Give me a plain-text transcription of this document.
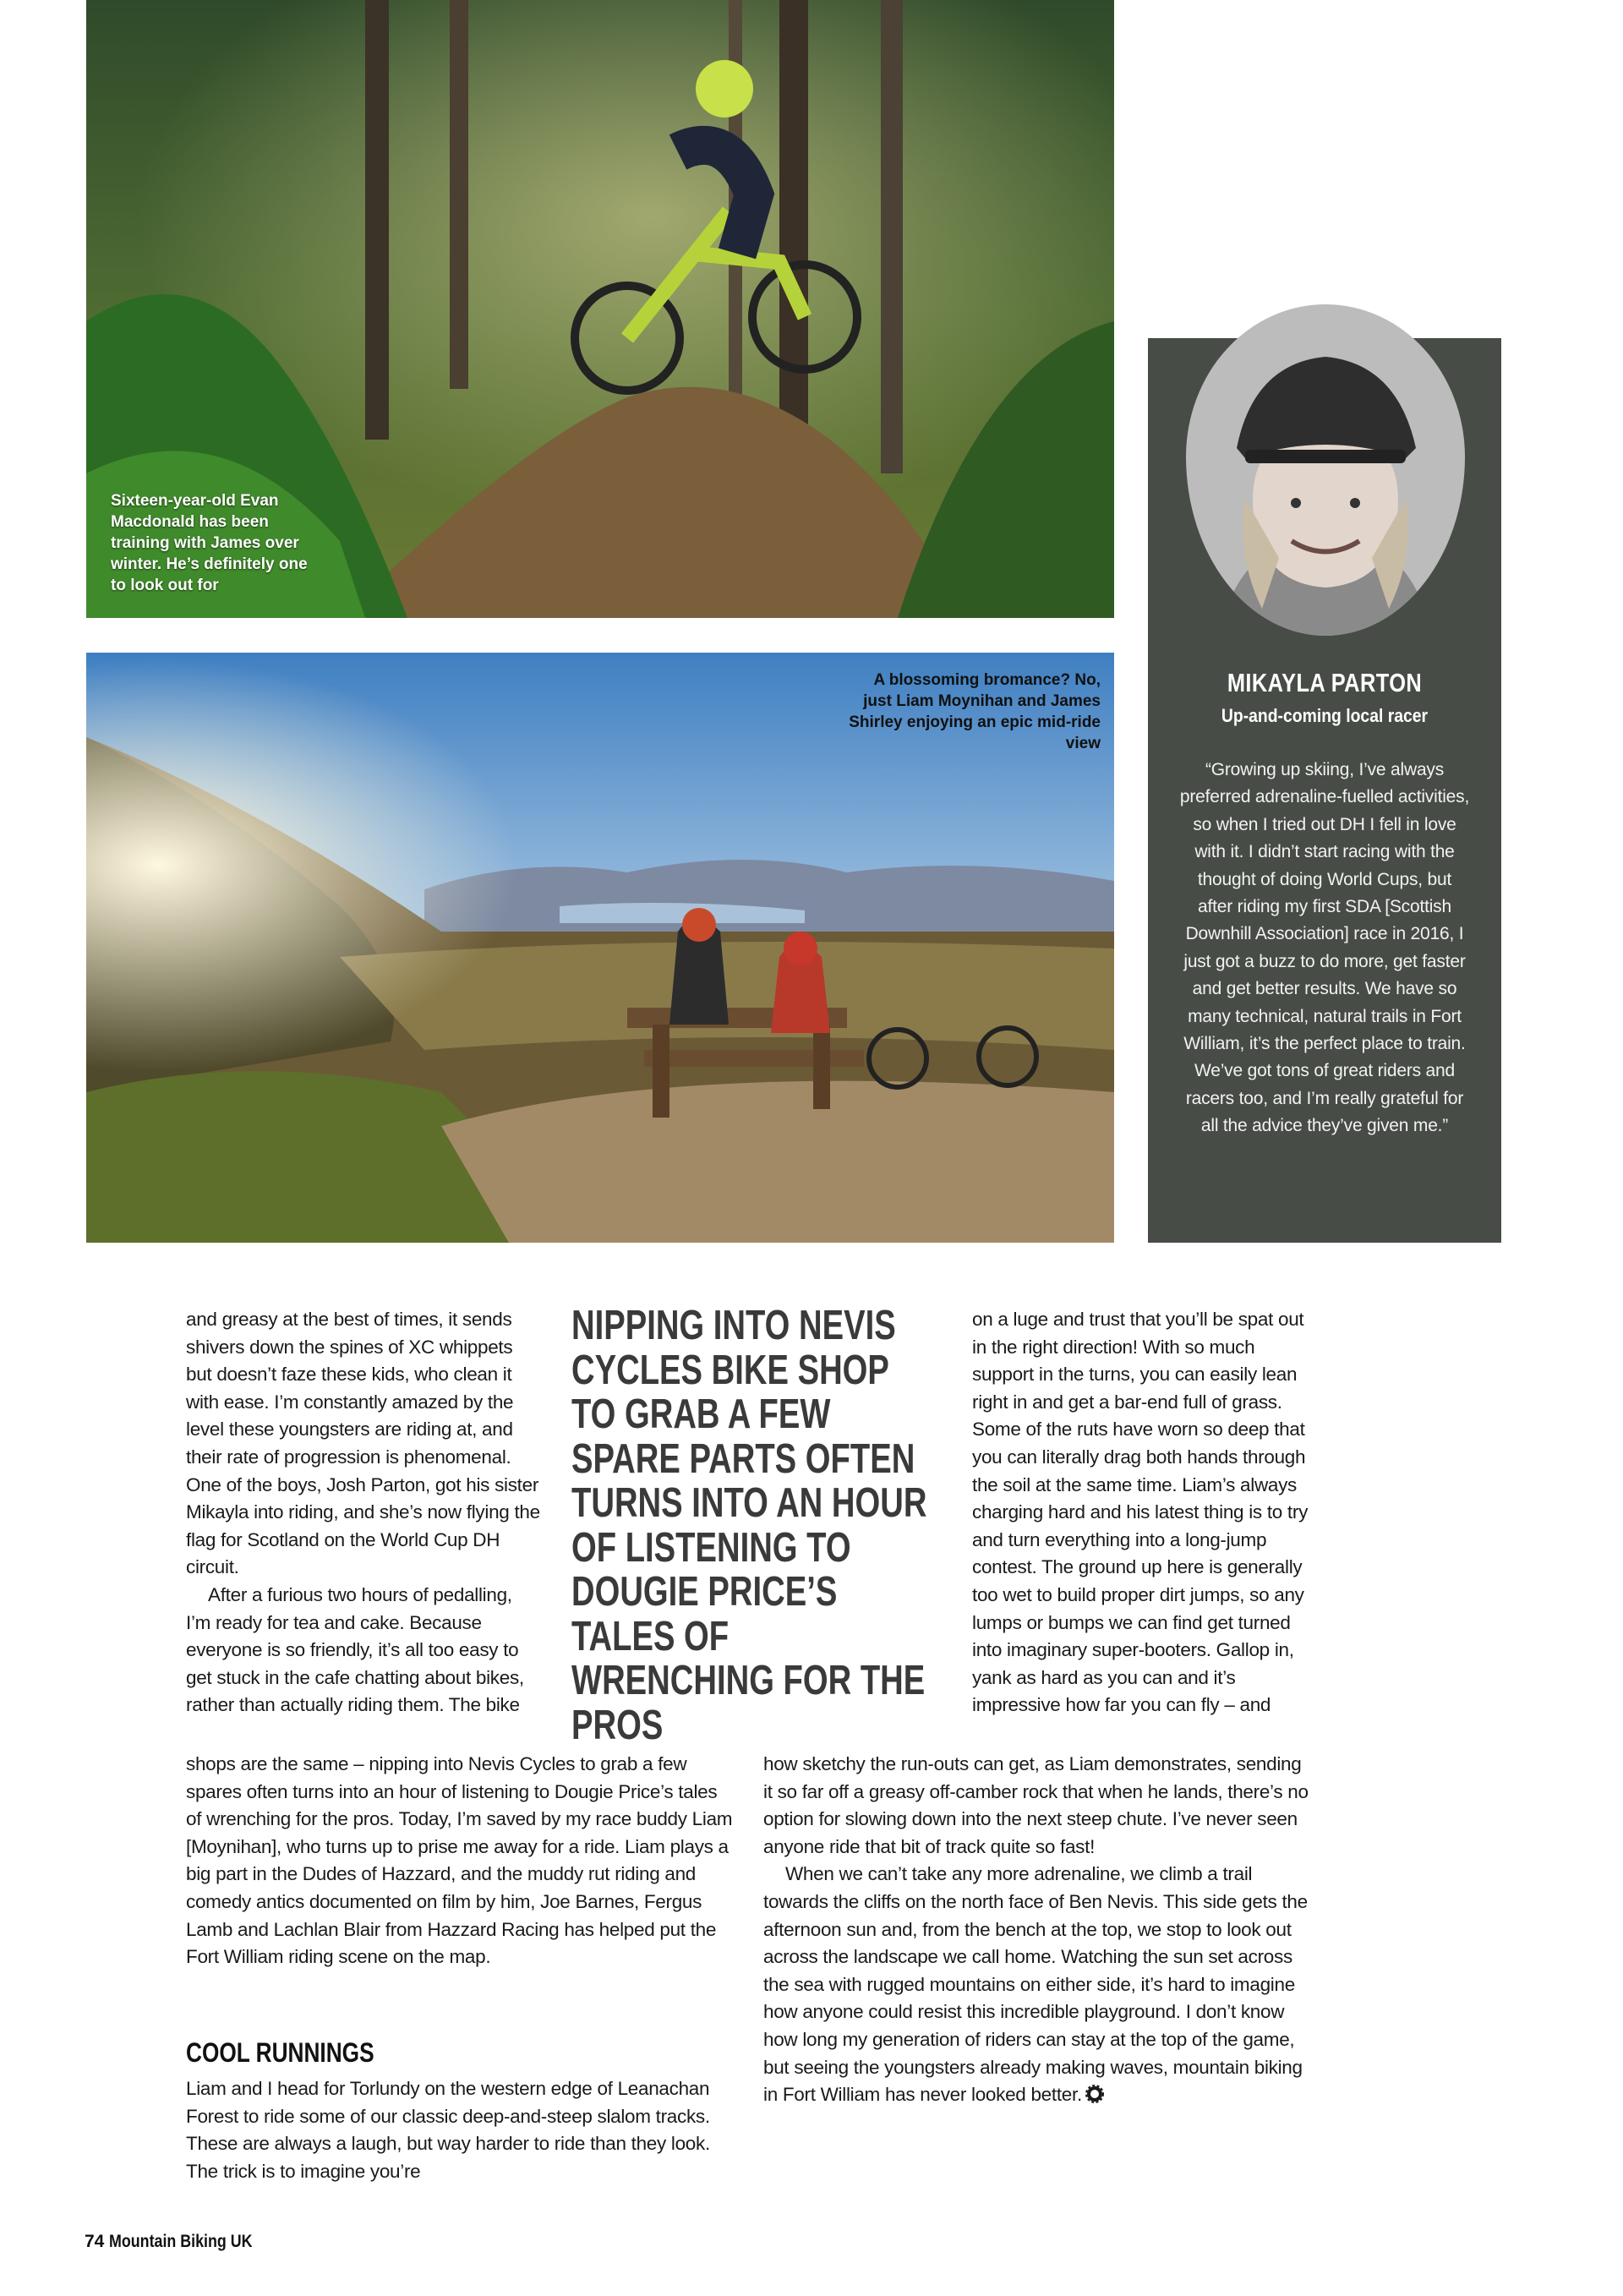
Sixteen-year-old Evan Macdonald has been training with James over winter. He’s definitely one to look out for
A blossoming bromance? No, just Liam Moynihan and James Shirley enjoying an epic mid-ride view
MIKAYLA PARTON
Up-and-coming local racer
“Growing up skiing, I’ve always preferred adrenaline-fuelled activities, so when I tried out DH I fell in love with it. I didn’t start racing with the thought of doing World Cups, but after riding my first SDA [Scottish Downhill Association] race in 2016, I just got a buzz to do more, get faster and get better results. We have so many technical, natural trails in Fort William, it’s the perfect place to train. We’ve got tons of great riders and racers too, and I’m really grateful for all the advice they’ve given me.”

and greasy at the best of times, it sends shivers down the spines of XC whippets but doesn’t faze these kids, who clean it with ease. I’m constantly amazed by the level these youngsters are riding at, and their rate of progression is phenomenal. One of the boys, Josh Parton, got his sister Mikayla into riding, and she’s now flying the flag for Scotland on the World Cup DH circuit.

After a furious two hours of pedalling, I’m ready for tea and cake. Because everyone is so friendly, it’s all too easy to get stuck in the cafe chatting about bikes, rather than actually riding them. The bike

NIPPING INTO NEVIS CYCLES BIKE SHOP TO GRAB A FEW SPARE PARTS OFTEN TURNS INTO AN HOUR OF LISTENING TO DOUGIE PRICE’S TALES OF WRENCHING FOR THE PROS

on a luge and trust that you’ll be spat out in the right direction! With so much support in the turns, you can easily lean right in and get a bar-end full of grass. Some of the ruts have worn so deep that you can literally drag both hands through the soil at the same time. Liam’s always charging hard and his latest thing is to try and turn everything into a long-jump contest. The ground up here is generally too wet to build proper dirt jumps, so any lumps or bumps we can find get turned into imaginary super-booters. Gallop in, yank as hard as you can and it’s impressive how far you can fly – and

shops are the same – nipping into Nevis Cycles to grab a few spares often turns into an hour of listening to Dougie Price’s tales of wrenching for the pros. Today, I’m saved by my race buddy Liam [Moynihan], who turns up to prise me away for a ride. Liam plays a big part in the Dudes of Hazzard, and the muddy rut riding and comedy antics documented on film by him, Joe Barnes, Fergus Lamb and Lachlan Blair from Hazzard Racing has helped put the Fort William riding scene on the map.

COOL RUNNINGS

Liam and I head for Torlundy on the western edge of Leanachan Forest to ride some of our classic deep-and-steep slalom tracks. These are always a laugh, but way harder to ride than they look. The trick is to imagine you’re

how sketchy the run-outs can get, as Liam demonstrates, sending it so far off a greasy off-camber rock that when he lands, there’s no option for slowing down into the next steep chute. I’ve never seen anyone ride that bit of track quite so fast!

When we can’t take any more adrenaline, we climb a trail towards the cliffs on the north face of Ben Nevis. This side gets the afternoon sun and, from the bench at the top, we stop to look out across the landscape we call home. Watching the sun set across the sea with rugged mountains on either side, it’s hard to imagine how anyone could resist this incredible playground. I don’t know how long my generation of riders can stay at the top of the game, but seeing the youngsters already making waves, mountain biking in Fort William has never looked better.

74 Mountain Biking UK
